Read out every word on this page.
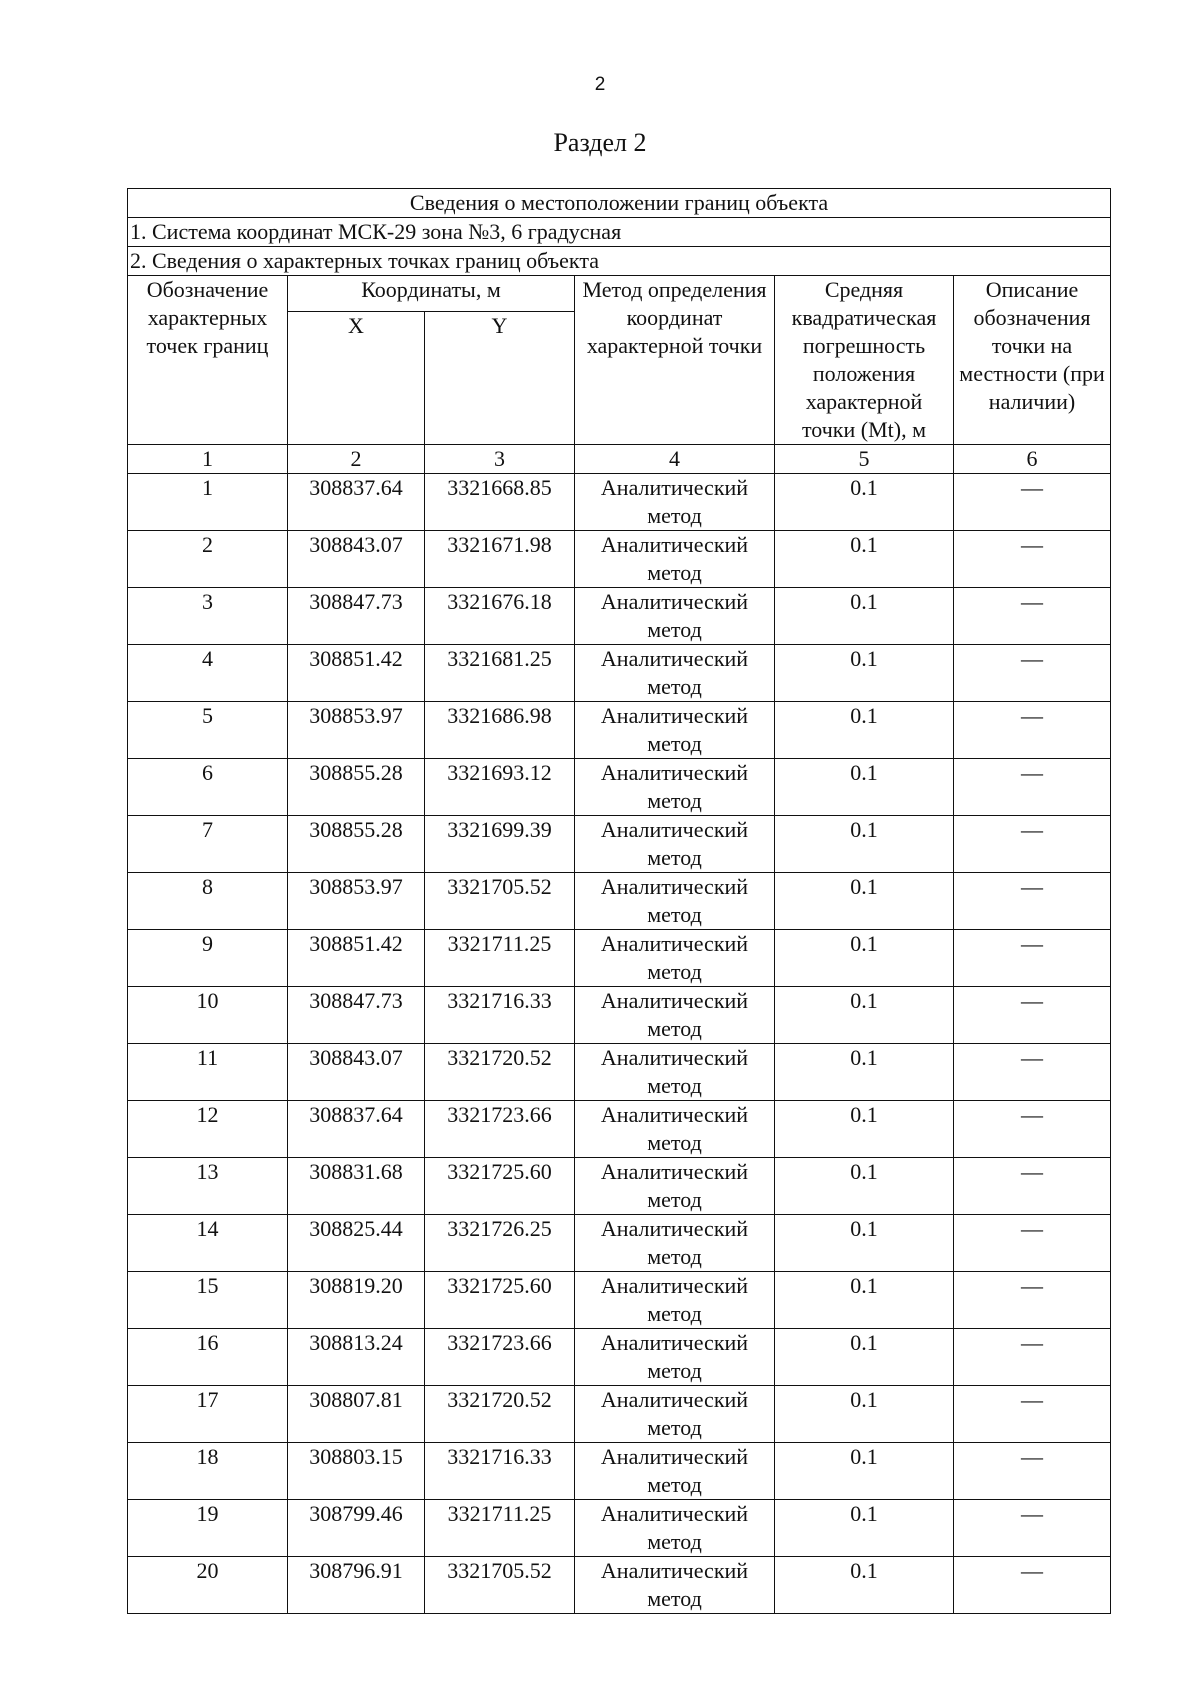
2
Раздел 2
Сведения о местоположении границ объекта					
1. Система координат МСК-29 зона №3, 6 градусная					
2. Сведения о характерных точках границ объекта					
Обозначение характерных точек границ	Координаты, м		Метод определения координат характерной точки	Средняя квадратическая погрешность положения характерной точки (Mt), м	Описание обозначения точки на местности (при наличии)
	X	Y			
1	2	3	4	5	6
1	308837.64	3321668.85	Аналитический метод	0.1	—
2	308843.07	3321671.98	Аналитический метод	0.1	—
3	308847.73	3321676.18	Аналитический метод	0.1	—
4	308851.42	3321681.25	Аналитический метод	0.1	—
5	308853.97	3321686.98	Аналитический метод	0.1	—
6	308855.28	3321693.12	Аналитический метод	0.1	—
7	308855.28	3321699.39	Аналитический метод	0.1	—
8	308853.97	3321705.52	Аналитический метод	0.1	—
9	308851.42	3321711.25	Аналитический метод	0.1	—
10	308847.73	3321716.33	Аналитический метод	0.1	—
11	308843.07	3321720.52	Аналитический метод	0.1	—
12	308837.64	3321723.66	Аналитический метод	0.1	—
13	308831.68	3321725.60	Аналитический метод	0.1	—
14	308825.44	3321726.25	Аналитический метод	0.1	—
15	308819.20	3321725.60	Аналитический метод	0.1	—
16	308813.24	3321723.66	Аналитический метод	0.1	—
17	308807.81	3321720.52	Аналитический метод	0.1	—
18	308803.15	3321716.33	Аналитический метод	0.1	—
19	308799.46	3321711.25	Аналитический метод	0.1	—
20	308796.91	3321705.52	Аналитический метод	0.1	—
